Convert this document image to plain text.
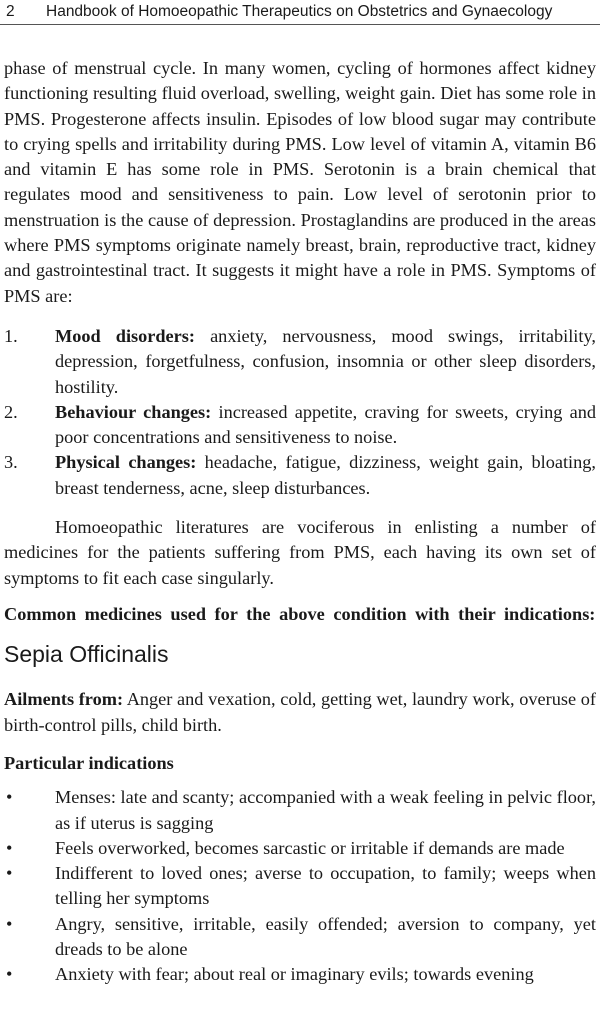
2	Handbook of Homoeopathic Therapeutics on Obstetrics and Gynaecology

phase of menstrual cycle. In many women, cycling of hormones affect kidney functioning resulting fluid overload, swelling, weight gain. Diet has some role in PMS. Progesterone affects insulin. Episodes of low blood sugar may contribute to crying spells and irritability during PMS. Low level of vitamin A, vitamin B6 and vitamin E has some role in PMS. Serotonin is a brain chemical that regulates mood and sensitiveness to pain. Low level of serotonin prior to menstruation is the cause of depression. Prostaglandins are produced in the areas where PMS symptoms originate namely breast, brain, reproductive tract, kidney and gastrointestinal tract. It suggests it might have a role in PMS. Symptoms of PMS are:

1.	Mood disorders: anxiety, nervousness, mood swings, irritability, depression, forgetfulness, confusion, insomnia or other sleep disorders, hostility.
2.	Behaviour changes: increased appetite, craving for sweets, crying and poor concentrations and sensitiveness to noise.
3.	Physical changes: headache, fatigue, dizziness, weight gain, bloating, breast tenderness, acne, sleep disturbances.

Homoeopathic literatures are vociferous in enlisting a number of medicines for the patients suffering from PMS, each having its own set of symptoms to fit each case singularly.

Common medicines used for the above condition with their indications:

Sepia Officinalis

Ailments from: Anger and vexation, cold, getting wet, laundry work, overuse of birth-control pills, child birth.

Particular indications

•	Menses: late and scanty; accompanied with a weak feeling in pelvic floor, as if uterus is sagging
•	Feels overworked, becomes sarcastic or irritable if demands are made
•	Indifferent to loved ones; averse to occupation, to family; weeps when telling her symptoms
•	Angry, sensitive, irritable, easily offended; aversion to company, yet dreads to be alone
•	Anxiety with fear; about real or imaginary evils; towards evening
